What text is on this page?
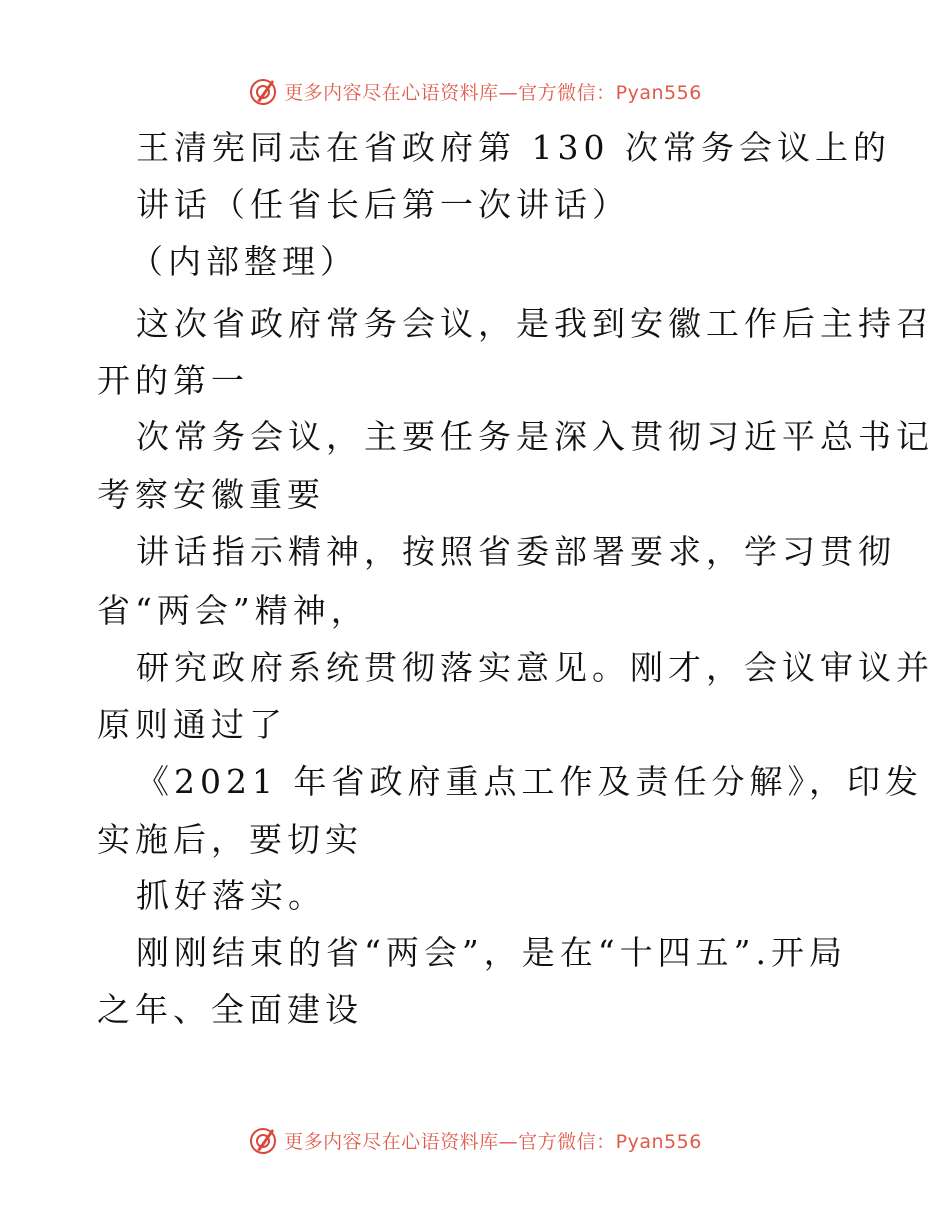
更多内容尽在心语资料库—官方微信：Pyan556
王清宪同志在省政府第 130 次常务会议上的
讲话（任省长后第一次讲话）
（内部整理）
这次省政府常务会议，是我到安徽工作后主持召
开的第一
次常务会议，主要任务是深入贯彻习近平总书记
考察安徽重要
讲话指示精神，按照省委部署要求，学习贯彻
省“两会”精神，
研究政府系统贯彻落实意见。刚才，会议审议并
原则通过了
《2021 年省政府重点工作及责任分解》，印发
实施后，要切实
抓好落实。
刚刚结束的省“两会”，是在“十四五”.开局
之年、全面建设
更多内容尽在心语资料库—官方微信：Pyan556
